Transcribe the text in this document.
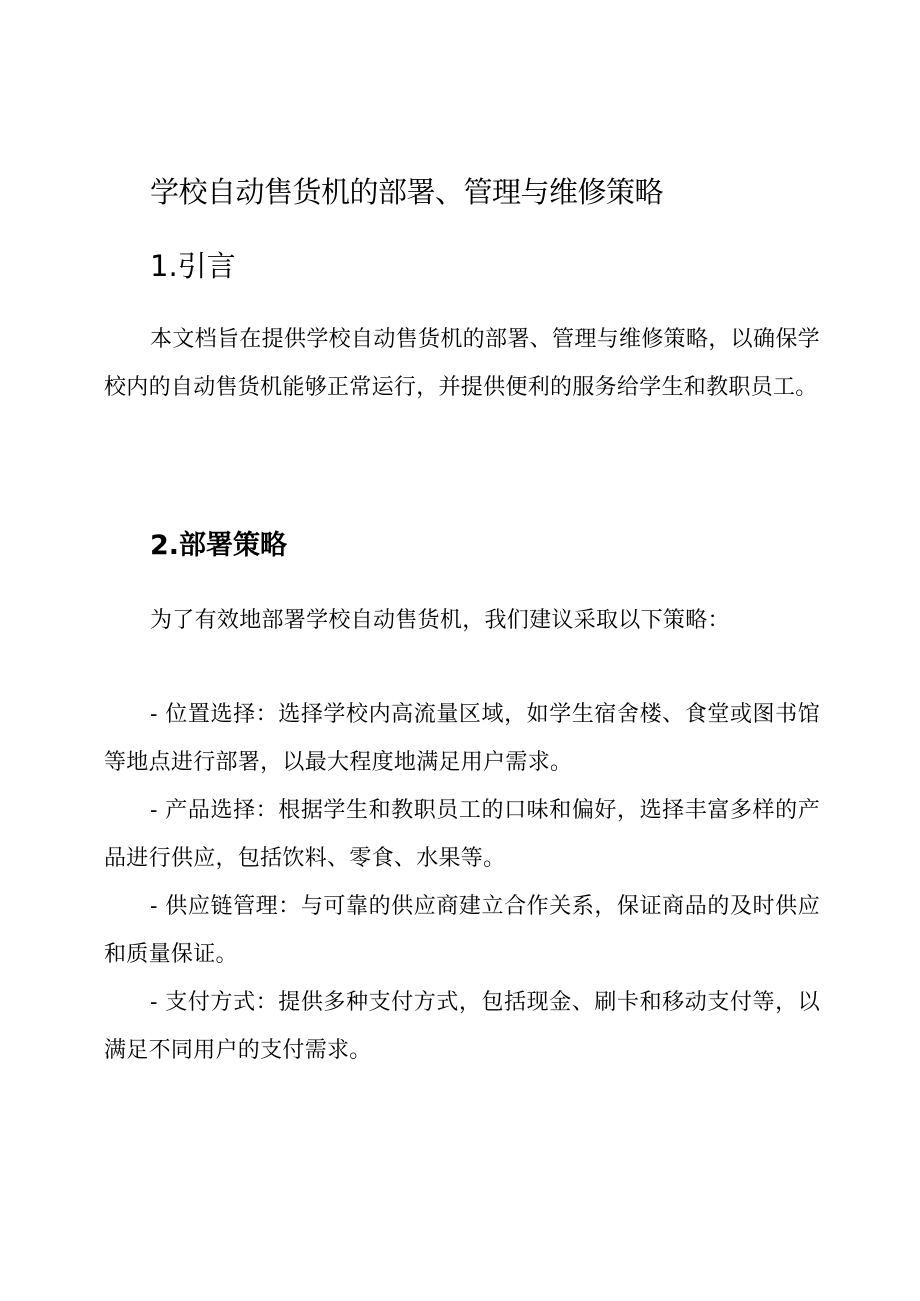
学校自动售货机的部署、管理与维修策略
1.引言

本文档旨在提供学校自动售货机的部署、管理与维修策略，以确保学校内的自动售货机能够正常运行，并提供便利的服务给学生和教职员工。

2.部署策略

为了有效地部署学校自动售货机，我们建议采取以下策略：

- 位置选择：选择学校内高流量区域，如学生宿舍楼、食堂或图书馆等地点进行部署，以最大程度地满足用户需求。

- 产品选择：根据学生和教职员工的口味和偏好，选择丰富多样的产品进行供应，包括饮料、零食、水果等。

- 供应链管理：与可靠的供应商建立合作关系，保证商品的及时供应和质量保证。

- 支付方式：提供多种支付方式，包括现金、刷卡和移动支付等，以满足不同用户的支付需求。
